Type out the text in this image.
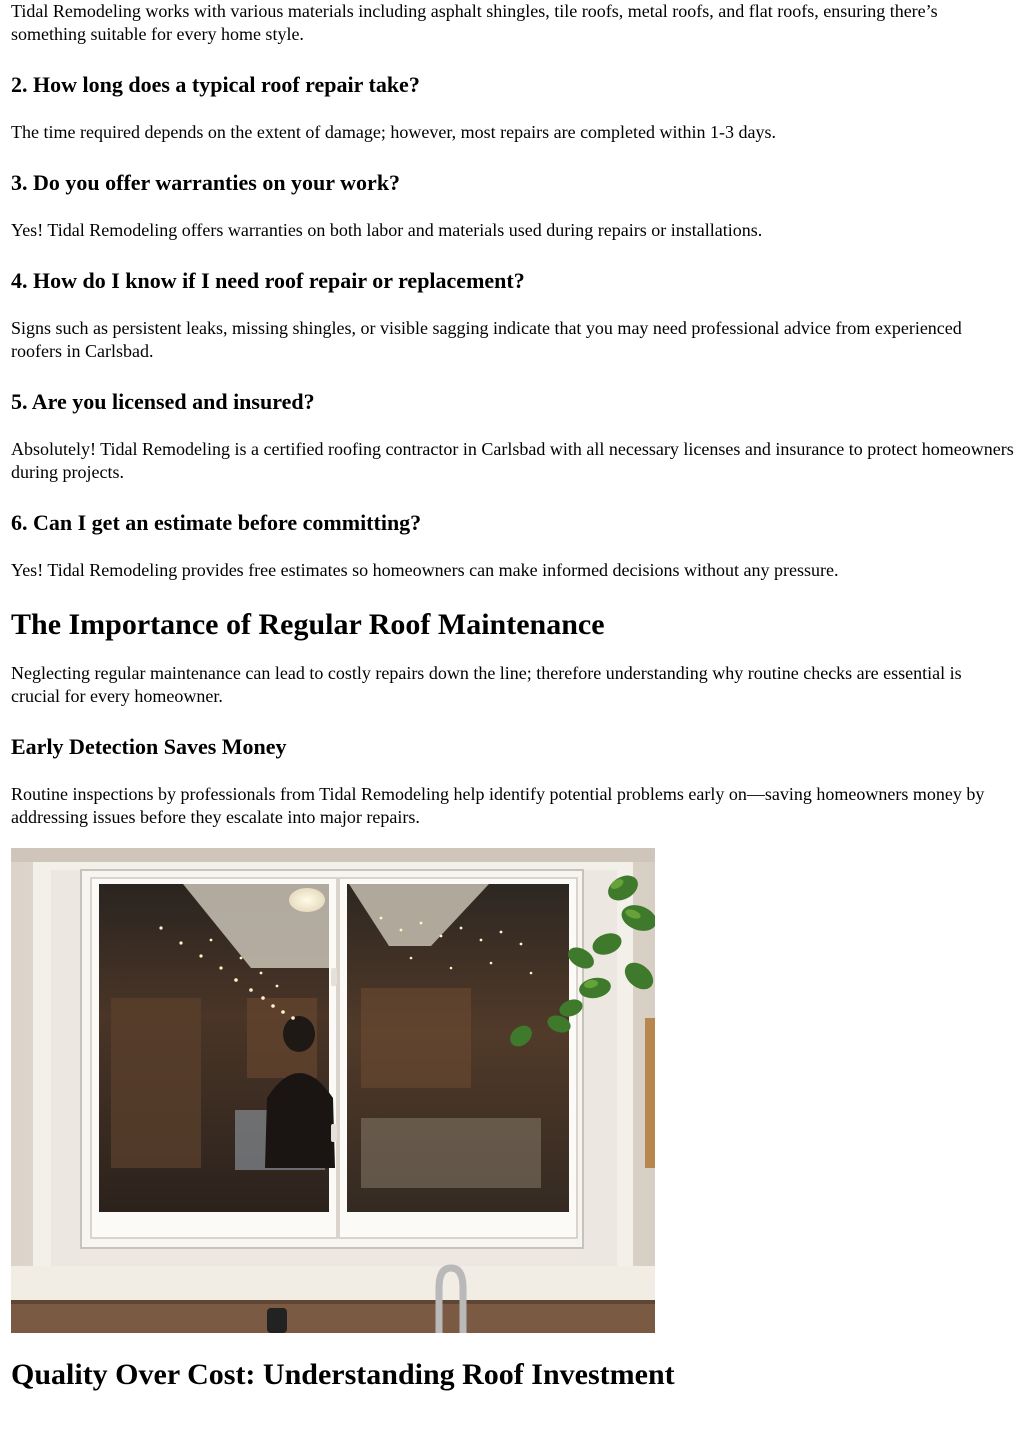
Tidal Remodeling works with various materials including asphalt shingles, tile roofs, metal roofs, and flat roofs, ensuring there’s something suitable for every home style.

2. How long does a typical roof repair take?

The time required depends on the extent of damage; however, most repairs are completed within 1-3 days.

3. Do you offer warranties on your work?

Yes! Tidal Remodeling offers warranties on both labor and materials used during repairs or installations.

4. How do I know if I need roof repair or replacement?

Signs such as persistent leaks, missing shingles, or visible sagging indicate that you may need professional advice from experienced roofers in Carlsbad.

5. Are you licensed and insured?

Absolutely! Tidal Remodeling is a certified roofing contractor in Carlsbad with all necessary licenses and insurance to protect homeowners during projects.

6. Can I get an estimate before committing?

Yes! Tidal Remodeling provides free estimates so homeowners can make informed decisions without any pressure.

The Importance of Regular Roof Maintenance

Neglecting regular maintenance can lead to costly repairs down the line; therefore understanding why routine checks are essential is crucial for every homeowner.

Early Detection Saves Money

Routine inspections by professionals from Tidal Remodeling help identify potential problems early on—saving homeowners money by addressing issues before they escalate into major repairs.

Quality Over Cost: Understanding Roof Investment
